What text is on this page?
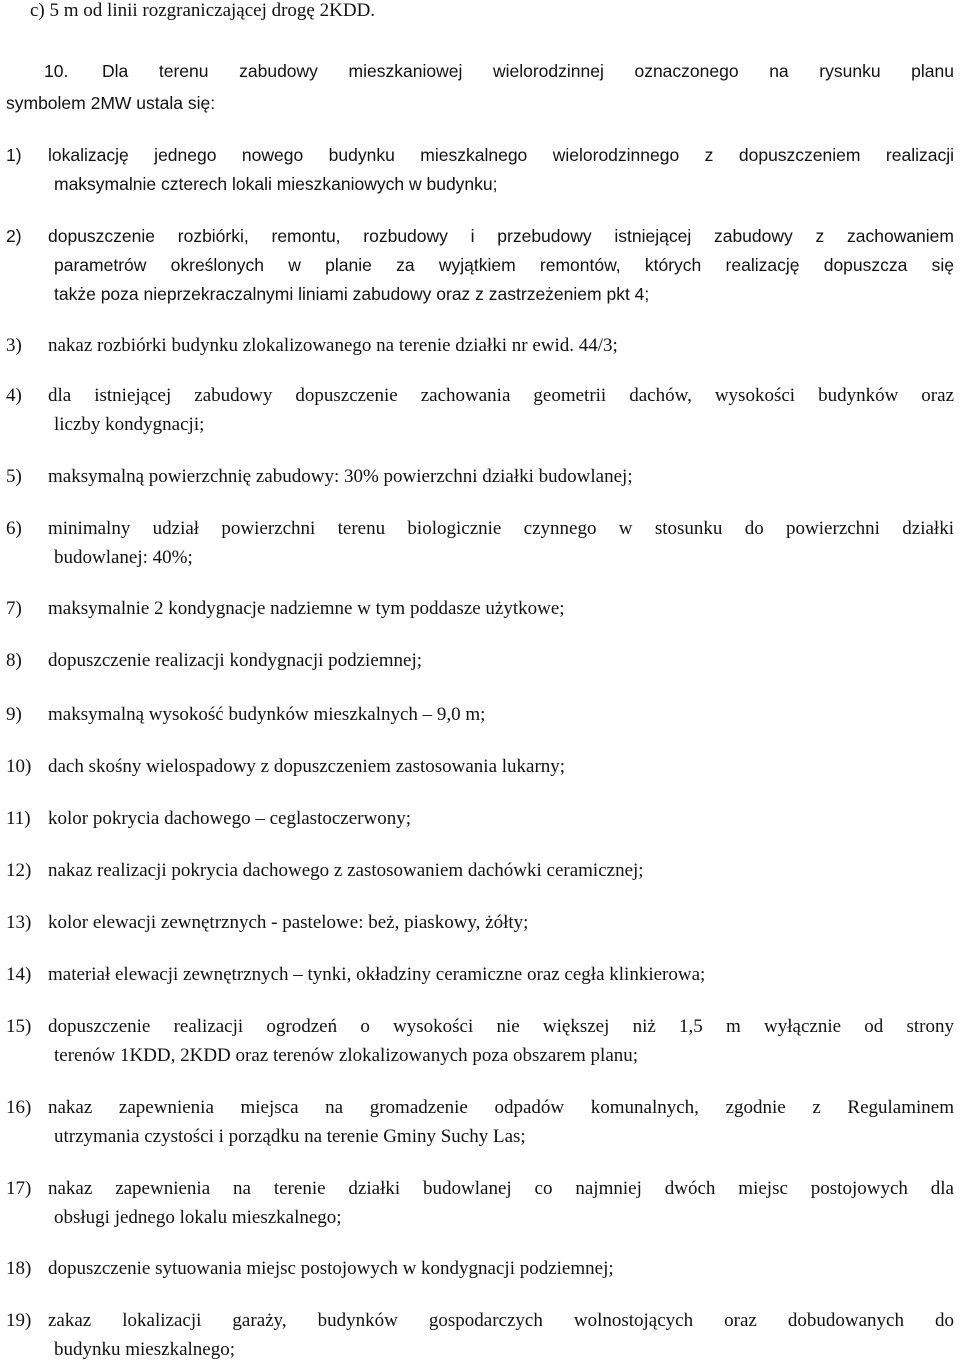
c) 5 m od linii rozgraniczającej drogę 2KDD.
10. Dla terenu zabudowy mieszkaniowej wielorodzinnej oznaczonego na rysunku planu
symbolem 2MW ustala się:
1) lokalizację jednego nowego budynku mieszkalnego wielorodzinnego z dopuszczeniem realizacji
maksymalnie czterech lokali mieszkaniowych w budynku;
2) dopuszczenie rozbiórki, remontu, rozbudowy i przebudowy istniejącej zabudowy z zachowaniem
parametrów określonych w planie za wyjątkiem remontów, których realizację dopuszcza się
także poza nieprzekraczalnymi liniami zabudowy oraz z zastrzeżeniem pkt 4;
3) nakaz rozbiórki budynku zlokalizowanego na terenie działki nr ewid. 44/3;
4) dla istniejącej zabudowy dopuszczenie zachowania geometrii dachów, wysokości budynków oraz
liczby kondygnacji;
5) maksymalną powierzchnię zabudowy: 30% powierzchni działki budowlanej;
6) minimalny udział powierzchni terenu biologicznie czynnego w stosunku do powierzchni działki
budowlanej: 40%;
7) maksymalnie 2 kondygnacje nadziemne w tym poddasze użytkowe;
8) dopuszczenie realizacji kondygnacji podziemnej;
9) maksymalną wysokość budynków mieszkalnych – 9,0 m;
10) dach skośny wielospadowy z dopuszczeniem zastosowania lukarny;
11) kolor pokrycia dachowego – ceglastoczerwony;
12) nakaz realizacji pokrycia dachowego z zastosowaniem dachówki ceramicznej;
13) kolor elewacji zewnętrznych - pastelowe: beż, piaskowy, żółty;
14) materiał elewacji zewnętrznych – tynki, okładziny ceramiczne oraz cegła klinkierowa;
15) dopuszczenie realizacji ogrodzeń o wysokości nie większej niż 1,5 m wyłącznie od strony
terenów 1KDD, 2KDD oraz terenów zlokalizowanych poza obszarem planu;
16) nakaz zapewnienia miejsca na gromadzenie odpadów komunalnych, zgodnie z Regulaminem
utrzymania czystości i porządku na terenie Gminy Suchy Las;
17) nakaz zapewnienia na terenie działki budowlanej co najmniej dwóch miejsc postojowych dla
obsługi jednego lokalu mieszkalnego;
18) dopuszczenie sytuowania miejsc postojowych w kondygnacji podziemnej;
19) zakaz lokalizacji garaży, budynków gospodarczych wolnostojących oraz dobudowanych do
budynku mieszkalnego;
